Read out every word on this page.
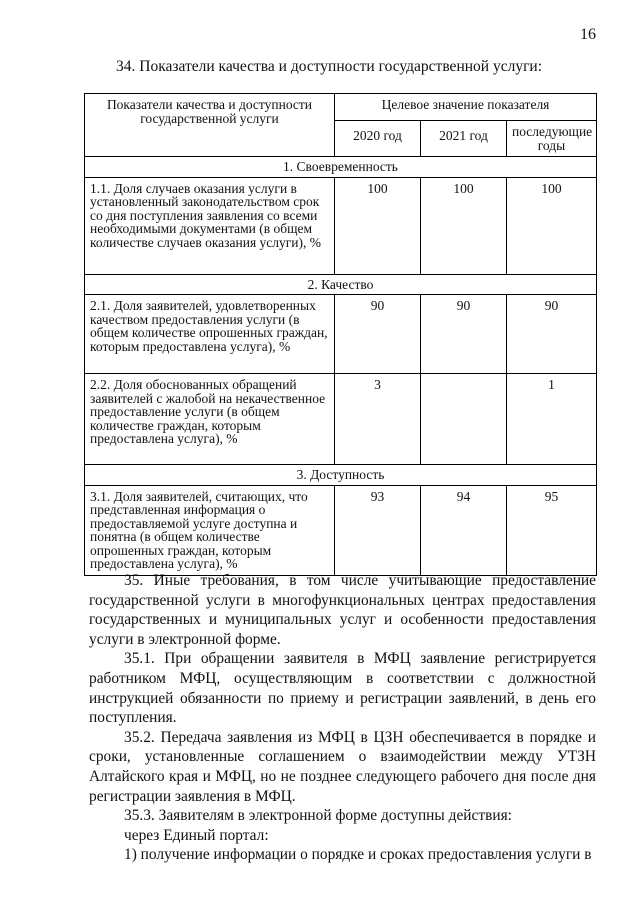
16
34. Показатели качества и доступности государственной услуги:
Показатели качества и доступности государственной услуги	Целевое значение показателя		
	2020 год	2021 год	последующие годы
1. Своевременность			
1.1. Доля случаев оказания услуги в установленный законодательством срок со дня поступления заявления со всеми необходимыми документами (в общем количестве случаев оказания услуги), %	100	100	100
2. Качество			
2.1. Доля заявителей, удовлетворенных качеством предоставления услуги (в общем количестве опрошенных граждан, которым предоставлена услуга), %	90	90	90
2.2. Доля обоснованных обращений заявителей с жалобой на некачественное предоставление услуги (в общем количестве граждан, которым предоставлена услуга), %	3		1
3. Доступность			
3.1. Доля заявителей, считающих, что представленная информация о предоставляемой услуге доступна и понятна (в общем количестве опрошенных граждан, которым предоставлена услуга), %	93	94	95

35. Иные требования, в том числе учитывающие предоставление государственной услуги в многофункциональных центрах предоставления государственных и муниципальных услуг и особенности предоставления услуги в электронной форме.

35.1. При обращении заявителя в МФЦ заявление регистрируется работником МФЦ, осуществляющим в соответствии с должностной инструкцией обязанности по приему и регистрации заявлений, в день его поступления.

35.2. Передача заявления из МФЦ в ЦЗН обеспечивается в порядке и сроки, установленные соглашением о взаимодействии между УТЗН Алтайского края и МФЦ, но не позднее следующего рабочего дня после дня регистрации заявления в МФЦ.

35.3. Заявителям в электронной форме доступны действия:

через Единый портал:

1) получение информации о порядке и сроках предоставления услуги в
